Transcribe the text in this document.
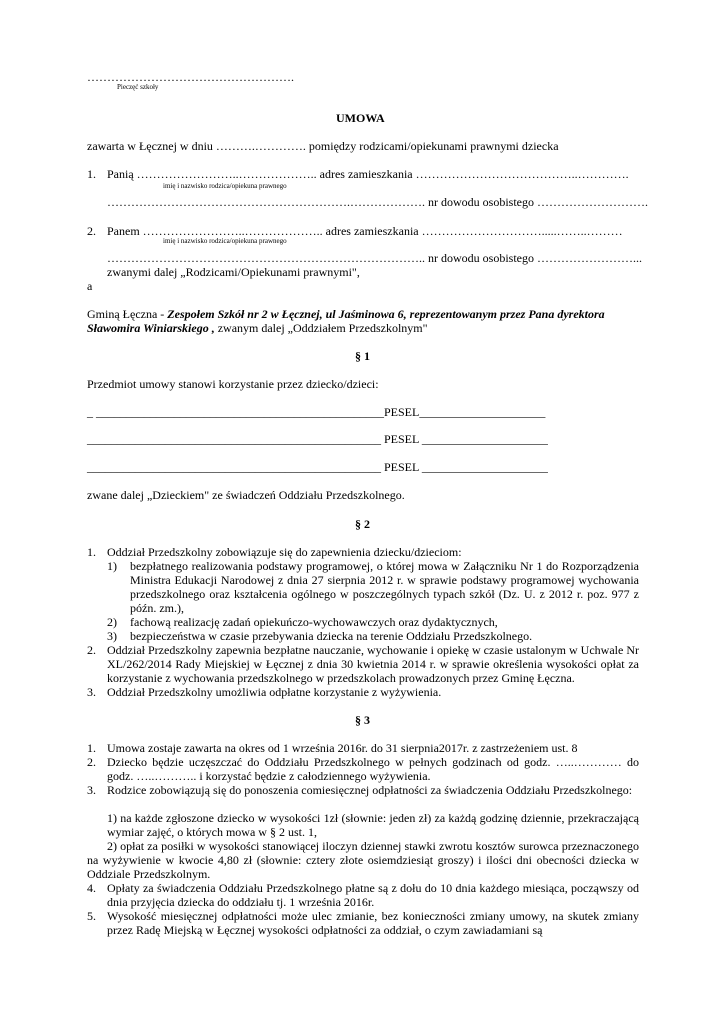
…………………………………………….
Pieczęć szkoły
UMOWA
zawarta w Łęcznej w dniu ……….…………. pomiędzy rodzicami/opiekunami prawnymi dziecka
1. Panią ……………………..……………….. adres zamieszkania …………………………………..………….
imię i nazwisko rodzica/opiekuna prawnego
…………………………………………………….………………. nr dowodu osobistego ……………………….
2. Panem ……………………..……………….. adres zamieszkania ………………………….....……..………
imię i nazwisko rodzica/opiekuna prawnego
…………………………………………………………………….. nr dowodu osobistego ……………………...
zwanymi dalej „Rodzicami/Opiekunami prawnymi",
a
Gminą Łęczna - Zespołem Szkół nr 2 w Łęcznej, ul Jaśminowa 6, reprezentowanym przez Pana dyrektora Sławomira Winiarskiego , zwanym dalej „Oddziałem Przedszkolnym"
§ 1
Przedmiot umowy stanowi korzystanie przez dziecko/dzieci:
_ ________________________________________________PESEL_____________________
_________________________________________________ PESEL _____________________
_________________________________________________ PESEL _____________________
zwane dalej „Dzieckiem" ze świadczeń Oddziału Przedszkolnego.
§ 2
1. Oddział Przedszkolny zobowiązuje się do zapewnienia dziecku/dzieciom:
1) bezpłatnego realizowania podstawy programowej, o której mowa w Załączniku Nr 1 do Rozporządzenia Ministra Edukacji Narodowej z dnia 27 sierpnia 2012 r. w sprawie podstawy programowej wychowania przedszkolnego oraz kształcenia ogólnego w poszczególnych typach szkół (Dz. U. z 2012 r. poz. 977 z późn. zm.),
2) fachową realizację zadań opiekuńczo-wychowawczych oraz dydaktycznych,
3) bezpieczeństwa w czasie przebywania dziecka na terenie Oddziału Przedszkolnego.
2. Oddział Przedszkolny zapewnia bezpłatne nauczanie, wychowanie i opiekę w czasie ustalonym w Uchwale Nr XL/262/2014 Rady Miejskiej w Łęcznej z dnia 30 kwietnia 2014 r. w sprawie określenia wysokości opłat za korzystanie z wychowania przedszkolnego w przedszkolach prowadzonych przez Gminę Łęczna.
3. Oddział Przedszkolny umożliwia odpłatne korzystanie z wyżywienia.
§ 3
1. Umowa zostaje zawarta na okres od 1 września 2016r. do 31 sierpnia2017r. z zastrzeżeniem ust. 8
2. Dziecko będzie uczęszczać do Oddziału Przedszkolnego w pełnych godzinach od godz. …..………… do godz. …..……….. i korzystać będzie z całodziennego wyżywienia.
3. Rodzice zobowiązują się do ponoszenia comiesięcznej odpłatności za świadczenia Oddziału Przedszkolnego:
1) na każde zgłoszone dziecko w wysokości 1zł (słownie: jeden zł) za każdą godzinę dziennie, przekraczającą wymiar zajęć, o których mowa w § 2 ust. 1,
2) opłat za posiłki w wysokości stanowiącej iloczyn dziennej stawki zwrotu kosztów surowca przeznaczonego na wyżywienie w kwocie 4,80 zł (słownie: cztery złote osiemdziesiąt groszy) i ilości dni obecności dziecka w Oddziale Przedszkolnym.
4. Opłaty za świadczenia Oddziału Przedszkolnego płatne są z dołu do 10 dnia każdego miesiąca, począwszy od dnia przyjęcia dziecka do oddziału tj. 1 września 2016r.
5. Wysokość miesięcznej odpłatności może ulec zmianie, bez konieczności zmiany umowy, na skutek zmiany przez Radę Miejską w Łęcznej wysokości odpłatności za oddział, o czym zawiadamiani są
